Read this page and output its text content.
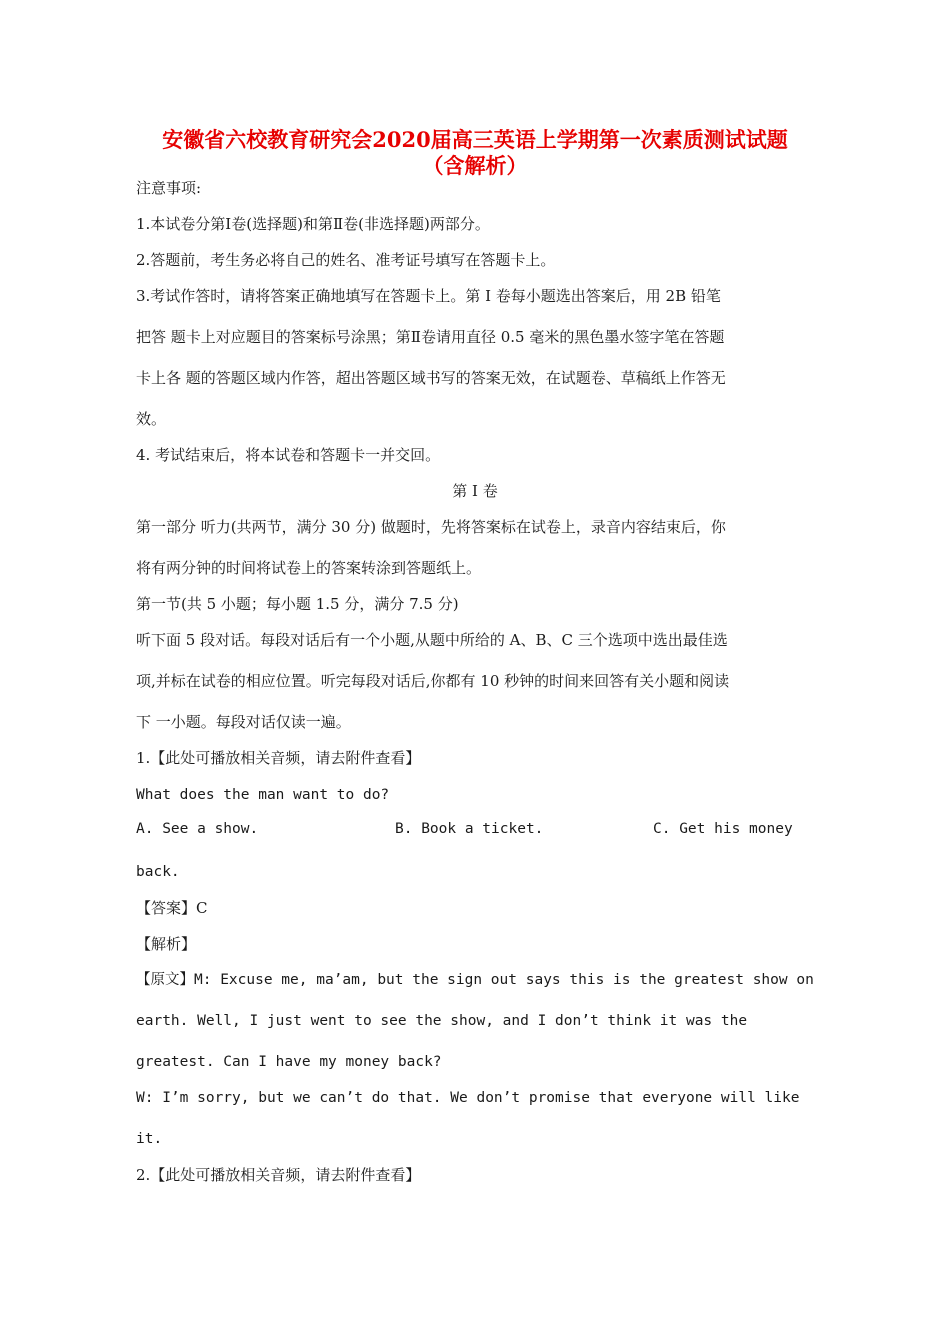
安徽省六校教育研究会2020届高三英语上学期第一次素质测试试题
（含解析）
注意事项:
1.本试卷分第Ⅰ卷(选择题)和第Ⅱ卷(非选择题)两部分。
2.答题前，考生务必将自己的姓名、准考证号填写在答题卡上。
3.考试作答时，请将答案正确地填写在答题卡上。第 Ⅰ 卷每小题选出答案后，用 2B 铅笔
把答 题卡上对应题目的答案标号涂黑；第Ⅱ卷请用直径 0.5 毫米的黑色墨水签字笔在答题
卡上各 题的答题区域内作答，超出答题区域书写的答案无效，在试题卷、草稿纸上作答无
效。
4. 考试结束后，将本试卷和答题卡一并交回。
第 Ⅰ 卷
第一部分 听力(共两节，满分 30 分) 做题时，先将答案标在试卷上，录音内容结束后，你
将有两分钟的时间将试卷上的答案转涂到答题纸上。
第一节(共 5 小题；每小题 1.5 分，满分 7.5 分)
听下面 5 段对话。每段对话后有一个小题,从题中所给的 A、B、C 三个选项中选出最佳选
项,并标在试卷的相应位置。听完每段对话后,你都有 10 秒钟的时间来回答有关小题和阅读
下 一小题。每段对话仅读一遍。
1.【此处可播放相关音频，请去附件查看】
What does the man want to do?
A. See a show.	B. Book a ticket.	C. Get his money
back.
【答案】C
【解析】
【原文】M: Excuse me, ma’am, but the sign out says this is the greatest show on
earth. Well, I just went to see the show, and I don’t think it was the
greatest. Can I have my money back?
W: I’m sorry, but we can’t do that. We don’t promise that everyone will like
it.
2.【此处可播放相关音频，请去附件查看】
